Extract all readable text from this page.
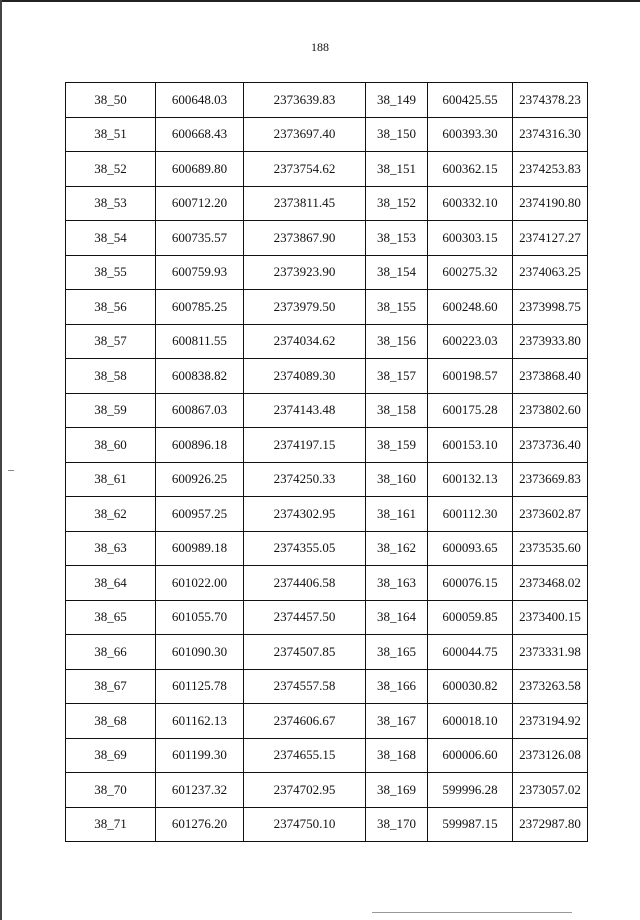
188
38_50	600648.03	2373639.83	38_149	600425.55	2374378.23
38_51	600668.43	2373697.40	38_150	600393.30	2374316.30
38_52	600689.80	2373754.62	38_151	600362.15	2374253.83
38_53	600712.20	2373811.45	38_152	600332.10	2374190.80
38_54	600735.57	2373867.90	38_153	600303.15	2374127.27
38_55	600759.93	2373923.90	38_154	600275.32	2374063.25
38_56	600785.25	2373979.50	38_155	600248.60	2373998.75
38_57	600811.55	2374034.62	38_156	600223.03	2373933.80
38_58	600838.82	2374089.30	38_157	600198.57	2373868.40
38_59	600867.03	2374143.48	38_158	600175.28	2373802.60
38_60	600896.18	2374197.15	38_159	600153.10	2373736.40
38_61	600926.25	2374250.33	38_160	600132.13	2373669.83
38_62	600957.25	2374302.95	38_161	600112.30	2373602.87
38_63	600989.18	2374355.05	38_162	600093.65	2373535.60
38_64	601022.00	2374406.58	38_163	600076.15	2373468.02
38_65	601055.70	2374457.50	38_164	600059.85	2373400.15
38_66	601090.30	2374507.85	38_165	600044.75	2373331.98
38_67	601125.78	2374557.58	38_166	600030.82	2373263.58
38_68	601162.13	2374606.67	38_167	600018.10	2373194.92
38_69	601199.30	2374655.15	38_168	600006.60	2373126.08
38_70	601237.32	2374702.95	38_169	599996.28	2373057.02
38_71	601276.20	2374750.10	38_170	599987.15	2372987.80
